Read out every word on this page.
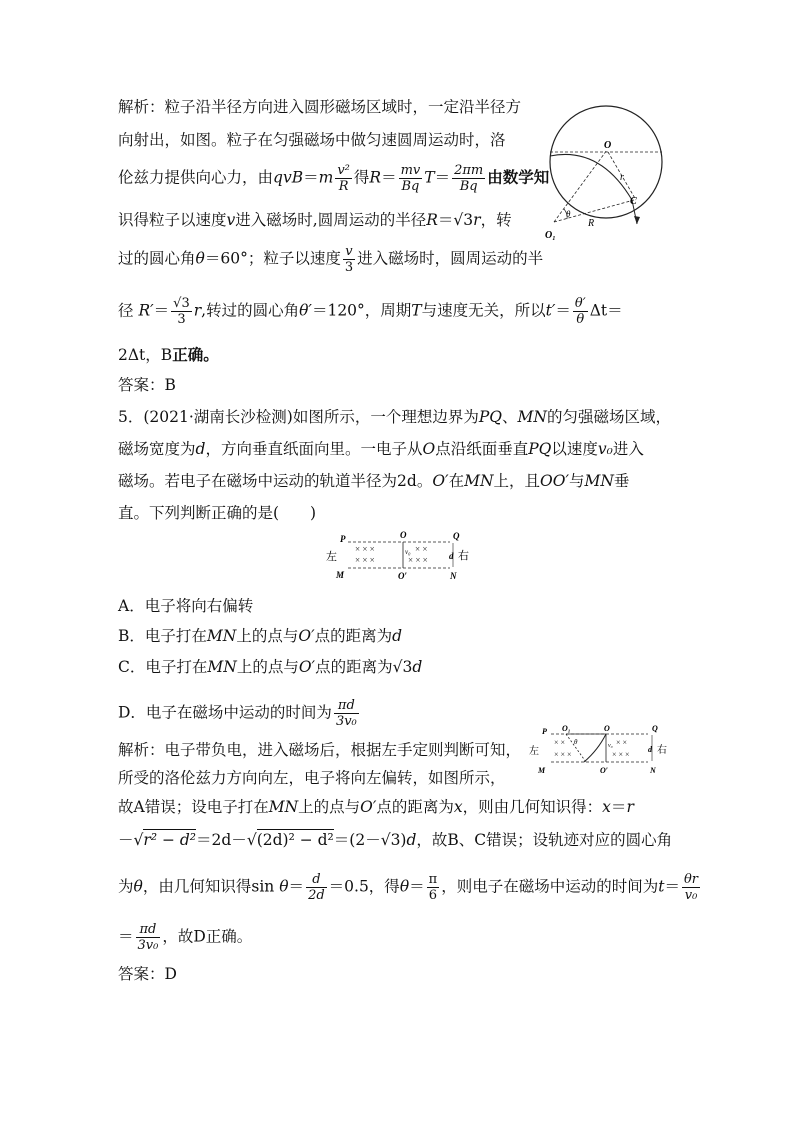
解析：粒子沿半径方向进入圆形磁场区域时，一定沿半径方
向射出，如图。粒子在匀强磁场中做匀速圆周运动时，洛
伦兹力提供向心力，由$qvB=m \frac{\text{v²}}{R}$ 得$R= \frac{mv}{Bq} T= \frac{2\pi m}{Bq}$ 由数学知
识得粒子以速度v进入磁场时,圆周运动的半径R＝√3r，转
过的圆心角θ＝60°；粒子以速度 $\frac{v}{3}$ 进入磁场时，圆周运动的半
径 $R'= \frac{√3}{3} r$,转过的圆心角θ′＝120°，周期T与速度无关，所以$t'= \frac{\theta'}{\theta} \Delta t=$
2Δt，B正确。
答案：B
O
r
C
θ
R
O₁
5．(2021·湖南长沙检测)如图所示，一个理想边界为PQ、MN的匀强磁场区域，
磁场宽度为d，方向垂直纸面向里。一电子从O点沿纸面垂直PQ以速度v₀进入
磁场。若电子在磁场中运动的轨道半径为2d。O′在MN上，且OO′与MN垂
直。下列判断正确的是(　　)
× × ×
× × ×
× ×
× × ×
P	O	Q
左	v₀	d 右
M	O′	N
A．电子将向右偏转
B．电子打在MN上的点与O′点的距离为d
C．电子打在MN上的点与O′点的距离为√3d
D．电子在磁场中运动的时间为 $\frac{\pi d}{\text{3v₀}}$
解析：电子带负电，进入磁场后，根据左手定则判断可知，
所受的洛伦兹力方向向左，电子将向左偏转，如图所示，
× ×
× × ×
× ×
× × ×
O₁
θ
P	O	Q
左	v₀	d 右
M	O′	N
故A错误；设电子打在MN上的点与O′点的距离为x，则由几何知识得：x＝r
－√r² − d²＝2d－√(2d)² − d²＝(2－√3)d，故B、C错误；设轨迹对应的圆心角
为θ，由几何知识得$\sin \theta= \frac{d}{2d} =0.5$，得$\theta= \frac{\pi}{6}$ ，则电子在磁场中运动的时间为$t= \frac{\theta r}{\text{v₀}}$
＝ $\frac{\pi d}{\text{3v₀}}$ ，故D正确。
答案：D
